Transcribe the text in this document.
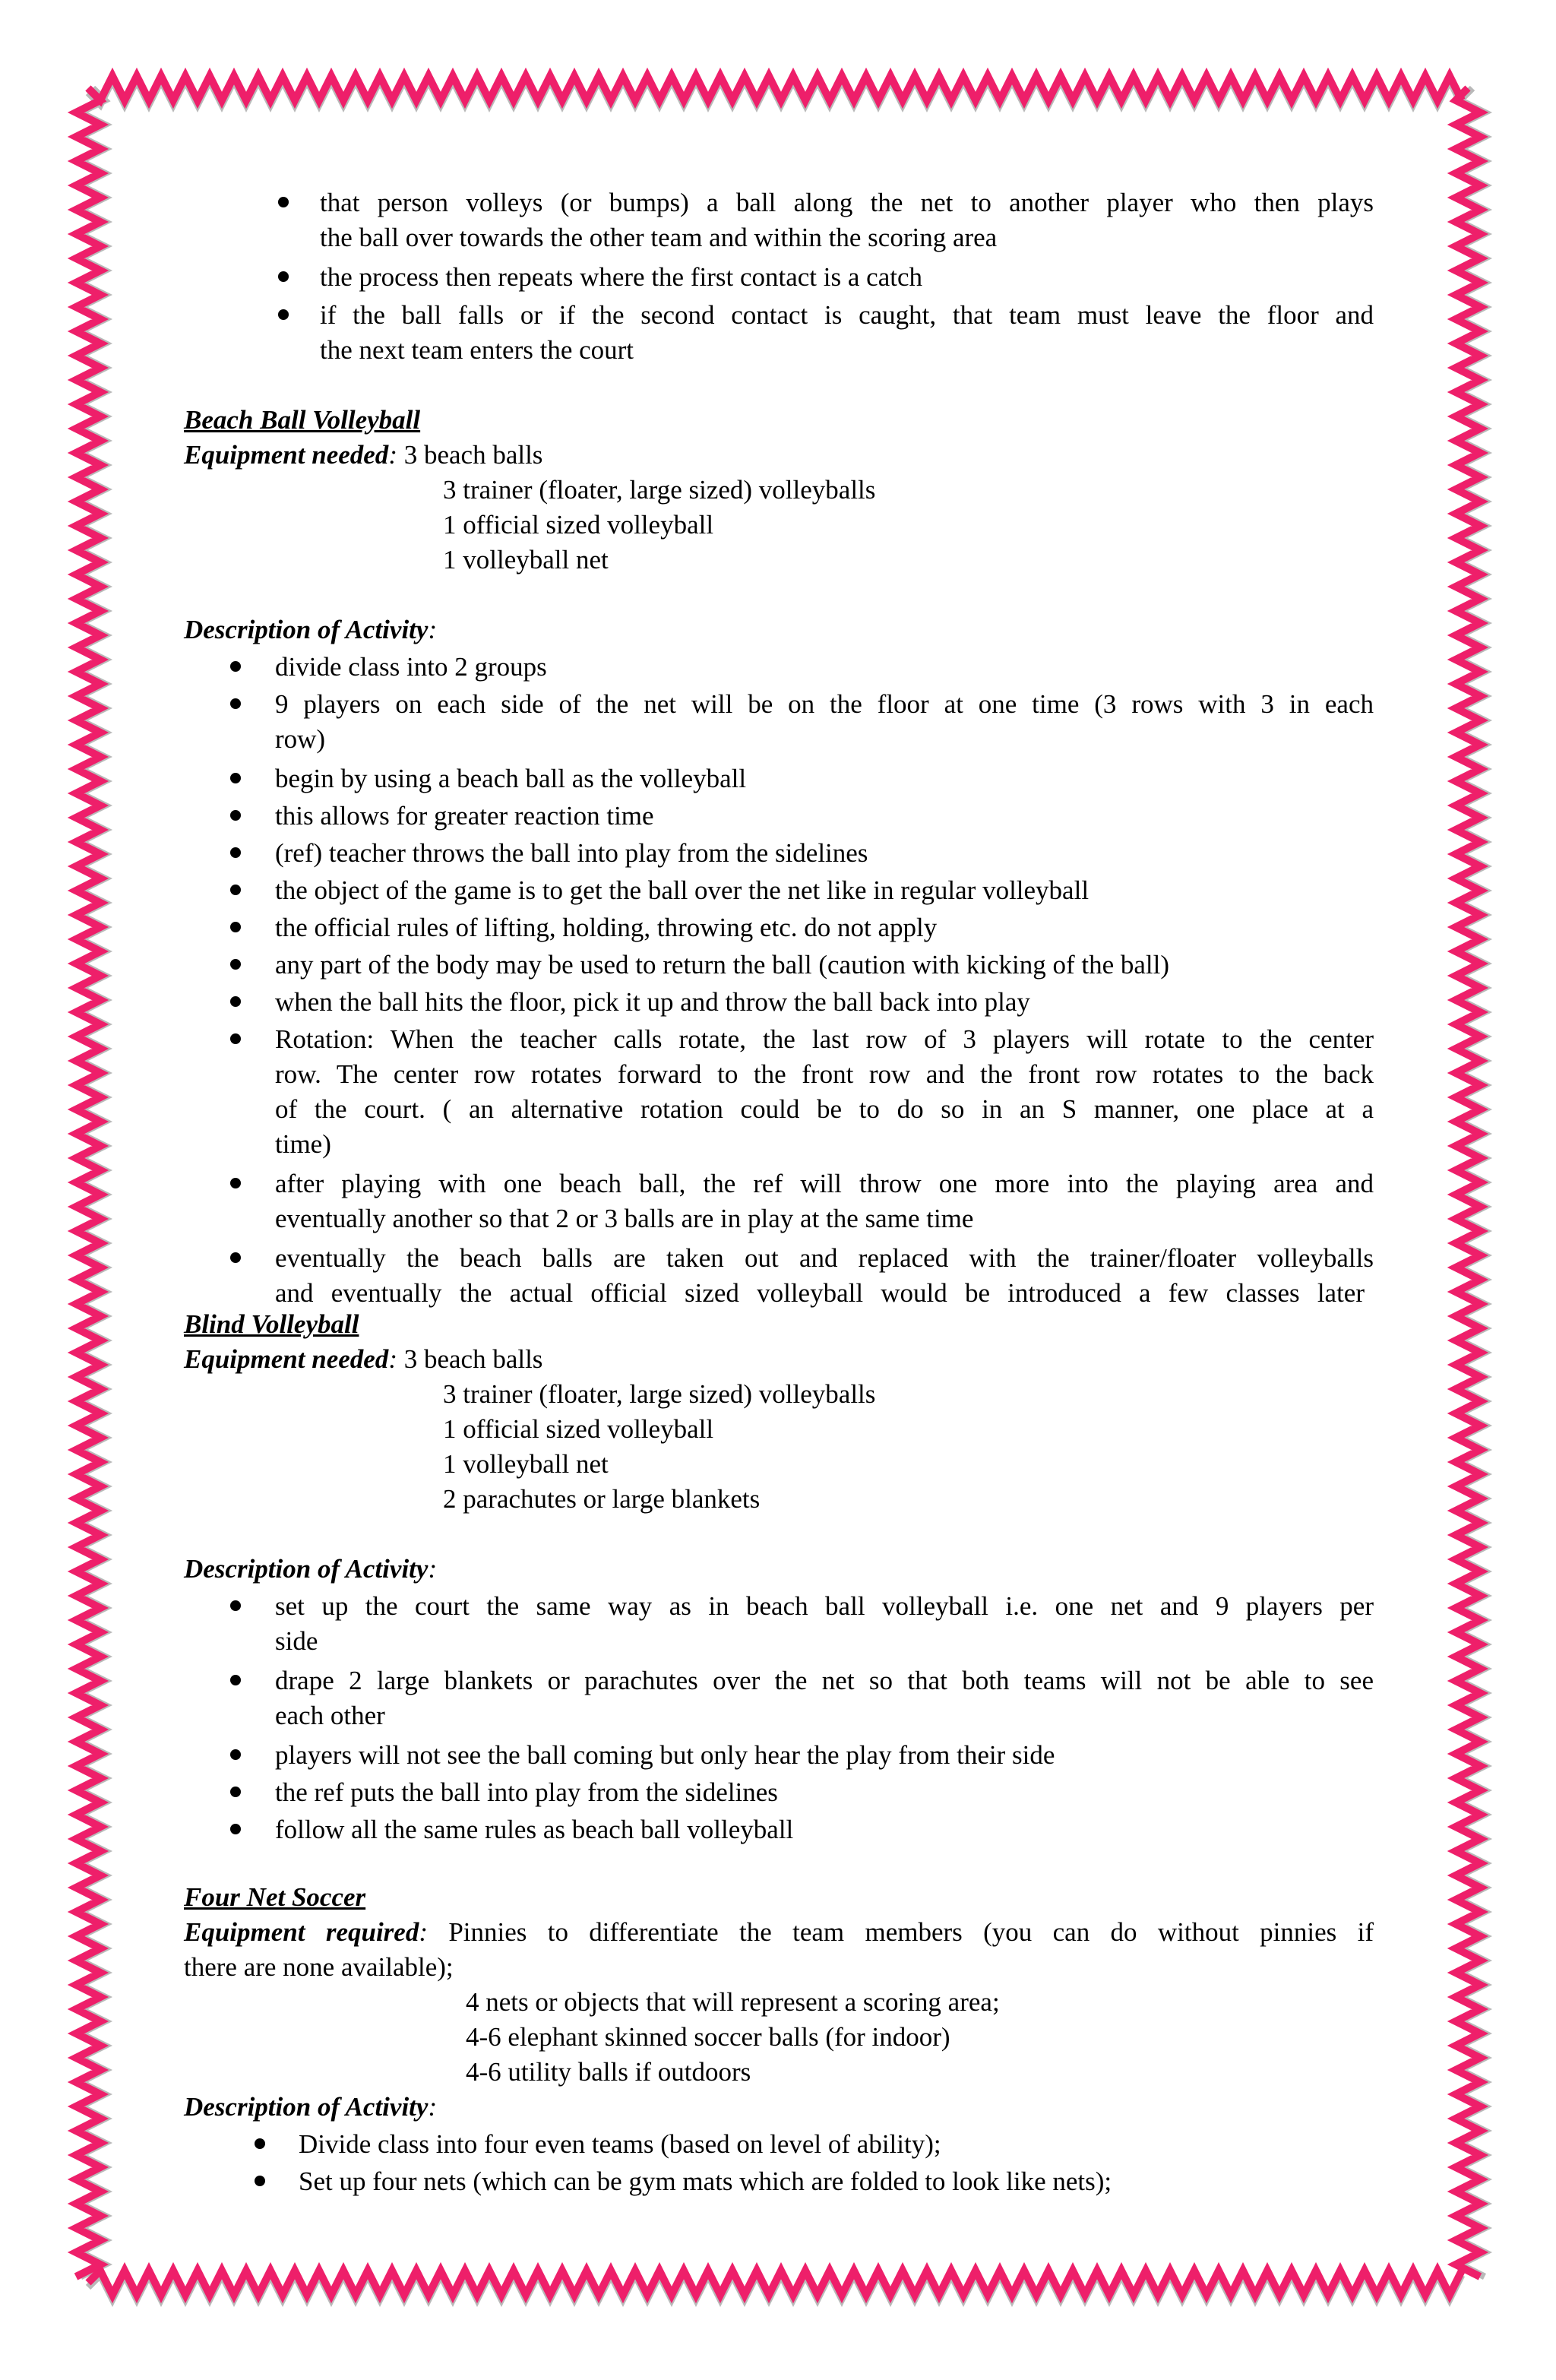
that person volleys (or bumps) a ball along the net to another player who then plays
the ball over towards the other team and within the scoring area
the process then repeats where the first contact is a catch
if the ball falls or if the second contact is caught, that team must leave the floor and
the next team enters the court
Beach Ball Volleyball
Equipment needed: 3 beach balls
3 trainer (floater, large sized) volleyballs
1 official sized volleyball
1 volleyball net
Description of Activity:
divide class into 2 groups
9 players on each side of the net will be on the floor at one time (3 rows with 3 in each
row)
begin by using a beach ball as the volleyball
this allows for greater reaction time
(ref) teacher throws the ball into play from the sidelines
the object of the game is to get the ball over the net like in regular volleyball
the official rules of lifting, holding, throwing etc. do not apply
any part of the body may be used to return the ball (caution with kicking of the ball)
when the ball hits the floor, pick it up and throw the ball back into play
Rotation: When the teacher calls rotate, the last row of 3 players will rotate to the center
row. The center row rotates forward to the front row and the front row rotates to the back
of the court. ( an alternative rotation could be to do so in an S manner, one place at a
time)
after playing with one beach ball, the ref will throw one more into the playing area and
eventually another so that 2 or 3 balls are in play at the same time
eventually the beach balls are taken out and replaced with the trainer/floater volleyballs
and eventually the actual official sized volleyball would be introduced a few classes later
Blind Volleyball
Equipment needed: 3 beach balls
3 trainer (floater, large sized) volleyballs
1 official sized volleyball
1 volleyball net
2 parachutes or large blankets
Description of Activity:
set up the court the same way as in beach ball volleyball i.e. one net and 9 players per
side
drape 2 large blankets or parachutes over the net so that both teams will not be able to see
each other
players will not see the ball coming but only hear the play from their side
the ref puts the ball into play from the sidelines
follow all the same rules as beach ball volleyball
Four Net Soccer
Equipment required: Pinnies to differentiate the team members (you can do without pinnies if
there are none available);
4 nets or objects that will represent a scoring area;
4-6 elephant skinned soccer balls (for indoor)
4-6 utility balls if outdoors
Description of Activity:
Divide class into four even teams (based on level of ability);
Set up four nets (which can be gym mats which are folded to look like nets);
